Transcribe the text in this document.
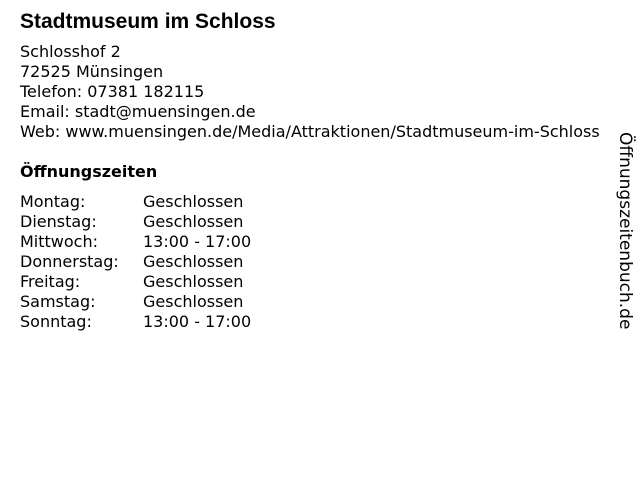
Stadtmuseum im Schloss
Schlosshof 2
72525 Münsingen
Telefon: 07381 182115
Email: stadt@muensingen.de
Web: www.muensingen.de/Media/Attraktionen/Stadtmuseum-im-Schloss
Öffnungszeiten
Montag:	Geschlossen
Dienstag:	Geschlossen
Mittwoch:	13:00 - 17:00
Donnerstag:	Geschlossen
Freitag:	Geschlossen
Samstag:	Geschlossen
Sonntag:	13:00 - 17:00	Öffnungszeitenbuch.de
